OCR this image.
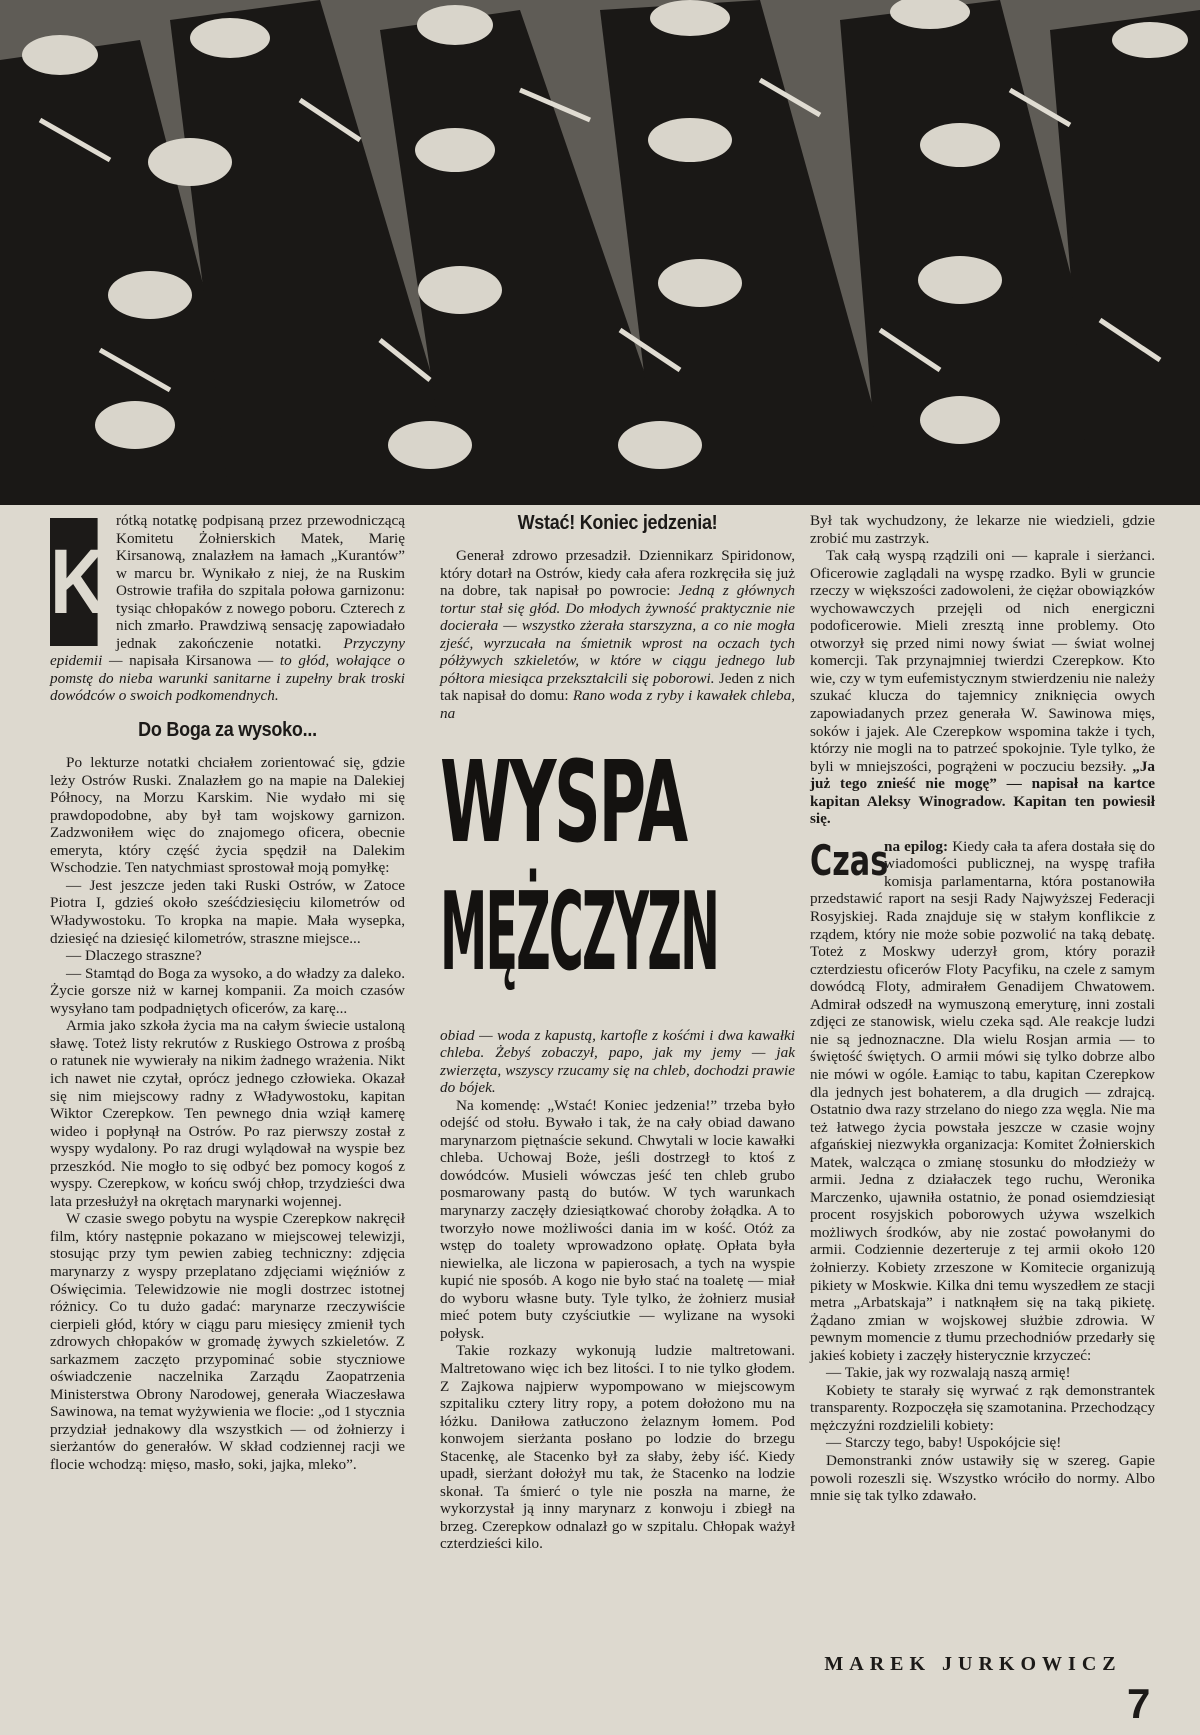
K

rótką notatkę podpisaną przez przewodniczącą Komitetu Żołnierskich Matek, Marię Kirsanową, znalazłem na łamach „Kurantów” w marcu br. Wynikało z niej, że na Ruskim Ostrowie trafiła do szpitala połowa garnizonu: tysiąc chłopaków z nowego poboru. Czterech z nich zmarło. Prawdziwą sensację zapowiadało jednak zakończenie notatki. Przyczyny epidemii — napisała Kirsanowa — to głód, wołające o pomstę do nieba warunki sanitarne i zupełny brak troski dowódców o swoich podkomendnych.

Do Boga za wysoko...

Po lekturze notatki chciałem zorientować się, gdzie leży Ostrów Ruski. Znalazłem go na mapie na Dalekiej Północy, na Morzu Karskim. Nie wydało mi się prawdopodobne, aby był tam wojskowy garnizon. Zadzwoniłem więc do znajomego oficera, obecnie emeryta, który część życia spędził na Dalekim Wschodzie. Ten natychmiast sprostował moją pomyłkę:

— Jest jeszcze jeden taki Ruski Ostrów, w Zatoce Piotra I, gdzieś około sześćdziesięciu kilometrów od Władywostoku. To kropka na mapie. Mała wysepka, dziesięć na dziesięć kilometrów, straszne miejsce...

— Dlaczego straszne?

— Stamtąd do Boga za wysoko, a do władzy za daleko. Życie gorsze niż w karnej kompanii. Za moich czasów wysyłano tam podpadniętych oficerów, za karę...

Armia jako szkoła życia ma na całym świecie ustaloną sławę. Toteż listy rekrutów z Ruskiego Ostrowa z prośbą o ratunek nie wywierały na nikim żadnego wrażenia. Nikt ich nawet nie czytał, oprócz jednego człowieka. Okazał się nim miejscowy radny z Władywostoku, kapitan Wiktor Czerepkow. Ten pewnego dnia wziął kamerę wideo i popłynął na Ostrów. Po raz pierwszy został z wyspy wydalony. Po raz drugi wylądował na wyspie bez przeszkód. Nie mogło to się odbyć bez pomocy kogoś z wyspy. Czerepkow, w końcu swój chłop, trzydzieści dwa lata przesłużył na okrętach marynarki wojennej.

W czasie swego pobytu na wyspie Czerepkow nakręcił film, który następnie pokazano w miejscowej telewizji, stosując przy tym pewien zabieg techniczny: zdjęcia marynarzy z wyspy przeplatano zdjęciami więźniów z Oświęcimia. Telewidzowie nie mogli dostrzec istotnej różnicy. Co tu dużo gadać: marynarze rzeczywiście cierpieli głód, który w ciągu paru miesięcy zmienił tych zdrowych chłopaków w gromadę żywych szkieletów. Z sarkazmem zaczęto przypominać sobie styczniowe oświadczenie naczelnika Zarządu Zaopatrzenia Ministerstwa Obrony Narodowej, generała Wiaczesława Sawinowa, na temat wyżywienia we flocie: „od 1 stycznia przydział jednakowy dla wszystkich — od żołnierzy i sierżantów do generałów. W skład codziennej racji we flocie wchodzą: mięso, masło, soki, jajka, mleko”.

Wstać! Koniec jedzenia!

Generał zdrowo przesadził. Dziennikarz Spiridonow, który dotarł na Ostrów, kiedy cała afera rozkręciła się już na dobre, tak napisał po powrocie: Jedną z głównych tortur stał się głód. Do młodych żywność praktycznie nie docierała — wszystko zżerała starszyzna, a co nie mogła zjeść, wyrzucała na śmietnik wprost na oczach tych półżywych szkieletów, w które w ciągu jednego lub półtora miesiąca przekształcili się poborowi. Jeden z nich tak napisał do domu: Rano woda z ryby i kawałek chleba, na

WYSPA
MĘŻCZYZN

obiad — woda z kapustą, kartofle z kośćmi i dwa kawałki chleba. Żebyś zobaczył, papo, jak my jemy — jak zwierzęta, wszyscy rzucamy się na chleb, dochodzi prawie do bójek.

Na komendę: „Wstać! Koniec jedzenia!” trzeba było odejść od stołu. Bywało i tak, że na cały obiad dawano marynarzom piętnaście sekund. Chwytali w locie kawałki chleba. Uchowaj Boże, jeśli dostrzegł to ktoś z dowódców. Musieli wówczas jeść ten chleb grubo posmarowany pastą do butów. W tych warunkach marynarzy zaczęły dziesiątkować choroby żołądka. A to tworzyło nowe możliwości dania im w kość. Otóż za wstęp do toalety wprowadzono opłatę. Opłata była niewielka, ale liczona w papierosach, a tych na wyspie kupić nie sposób. A kogo nie było stać na toaletę — miał do wyboru własne buty. Tyle tylko, że żołnierz musiał mieć potem buty czyściutkie — wylizane na wysoki połysk.

Takie rozkazy wykonują ludzie maltretowani. Maltretowano więc ich bez litości. I to nie tylko głodem. Z Zajkowa najpierw wypompowano w miejscowym szpitaliku cztery litry ropy, a potem dołożono mu na łóżku. Daniłowa zatłuczono żelaznym łomem. Pod konwojem sierżanta posłano po lodzie do brzegu Stacenkę, ale Stacenko był za słaby, żeby iść. Kiedy upadł, sierżant dołożył mu tak, że Stacenko na lodzie skonał. Ta śmierć o tyle nie poszła na marne, że wykorzystał ją inny marynarz z konwoju i zbiegł na brzeg. Czerepkow odnalazł go w szpitalu. Chłopak ważył czterdzieści kilo.

Był tak wychudzony, że lekarze nie wiedzieli, gdzie zrobić mu zastrzyk.

Tak całą wyspą rządzili oni — kaprale i sierżanci. Oficerowie zaglądali na wyspę rzadko. Byli w gruncie rzeczy w większości zadowoleni, że ciężar obowiązków wychowawczych przejęli od nich energiczni podoficerowie. Mieli zresztą inne problemy. Oto otworzył się przed nimi nowy świat — świat wolnej komercji. Tak przynajmniej twierdzi Czerepkow. Kto wie, czy w tym eufemistycznym stwierdzeniu nie należy szukać klucza do tajemnicy zniknięcia owych zapowiadanych przez generała W. Sawinowa mięs, soków i jajek. Ale Czerepkow wspomina także i tych, którzy nie mogli na to patrzeć spokojnie. Tyle tylko, że byli w mniejszości, pogrążeni w poczuciu bezsiły. „Ja już tego znieść nie mogę” — napisał na kartce kapitan Aleksy Winogradow. Kapitan ten powiesił się.

Czas
na epilog: Kiedy cała ta afera dostała się do wiadomości publicznej, na wyspę trafiła komisja parlamentarna, która postanowiła przedstawić raport na sesji Rady Najwyższej Federacji Rosyjskiej. Rada znajduje się w stałym konflikcie z rządem, który nie może sobie pozwolić na taką debatę. Toteż z Moskwy uderzył grom, który poraził czterdziestu oficerów Floty Pacyfiku, na czele z samym dowódcą Floty, admirałem Genadijem Chwatowem. Admirał odszedł na wymuszoną emeryturę, inni zostali zdjęci ze stanowisk, wielu czeka sąd. Ale reakcje ludzi nie są jednoznaczne. Dla wielu Rosjan armia — to świętość świętych. O armii mówi się tylko dobrze albo nie mówi w ogóle. Łamiąc to tabu, kapitan Czerepkow dla jednych jest bohaterem, a dla drugich — zdrajcą. Ostatnio dwa razy strzelano do niego zza węgla. Nie ma też łatwego życia powstała jeszcze w czasie wojny afgańskiej niezwykła organizacja: Komitet Żołnierskich Matek, walcząca o zmianę stosunku do młodzieży w armii. Jedna z działaczek tego ruchu, Weronika Marczenko, ujawniła ostatnio, że ponad osiemdziesiąt procent rosyjskich poborowych używa wszelkich możliwych środków, aby nie zostać powołanymi do armii. Codziennie dezerteruje z tej armii około 120 żołnierzy. Kobiety zrzeszone w Komitecie organizują pikiety w Moskwie. Kilka dni temu wyszedłem ze stacji metra „Arbatskaja” i natknąłem się na taką pikietę. Żądano zmian w wojskowej służbie zdrowia. W pewnym momencie z tłumu przechodniów przedarły się jakieś kobiety i zaczęły histerycznie krzyczeć:

— Takie, jak wy rozwalają naszą armię!

Kobiety te starały się wyrwać z rąk demonstrantek transparenty. Rozpoczęła się szamotanina. Przechodzący mężczyźni rozdzielili kobiety:

— Starczy tego, baby! Uspokójcie się!

Demonstranki znów ustawiły się w szereg. Gapie powoli rozeszli się. Wszystko wróciło do normy. Albo mnie się tak tylko zdawało.

MAREK JURKOWICZ
7
